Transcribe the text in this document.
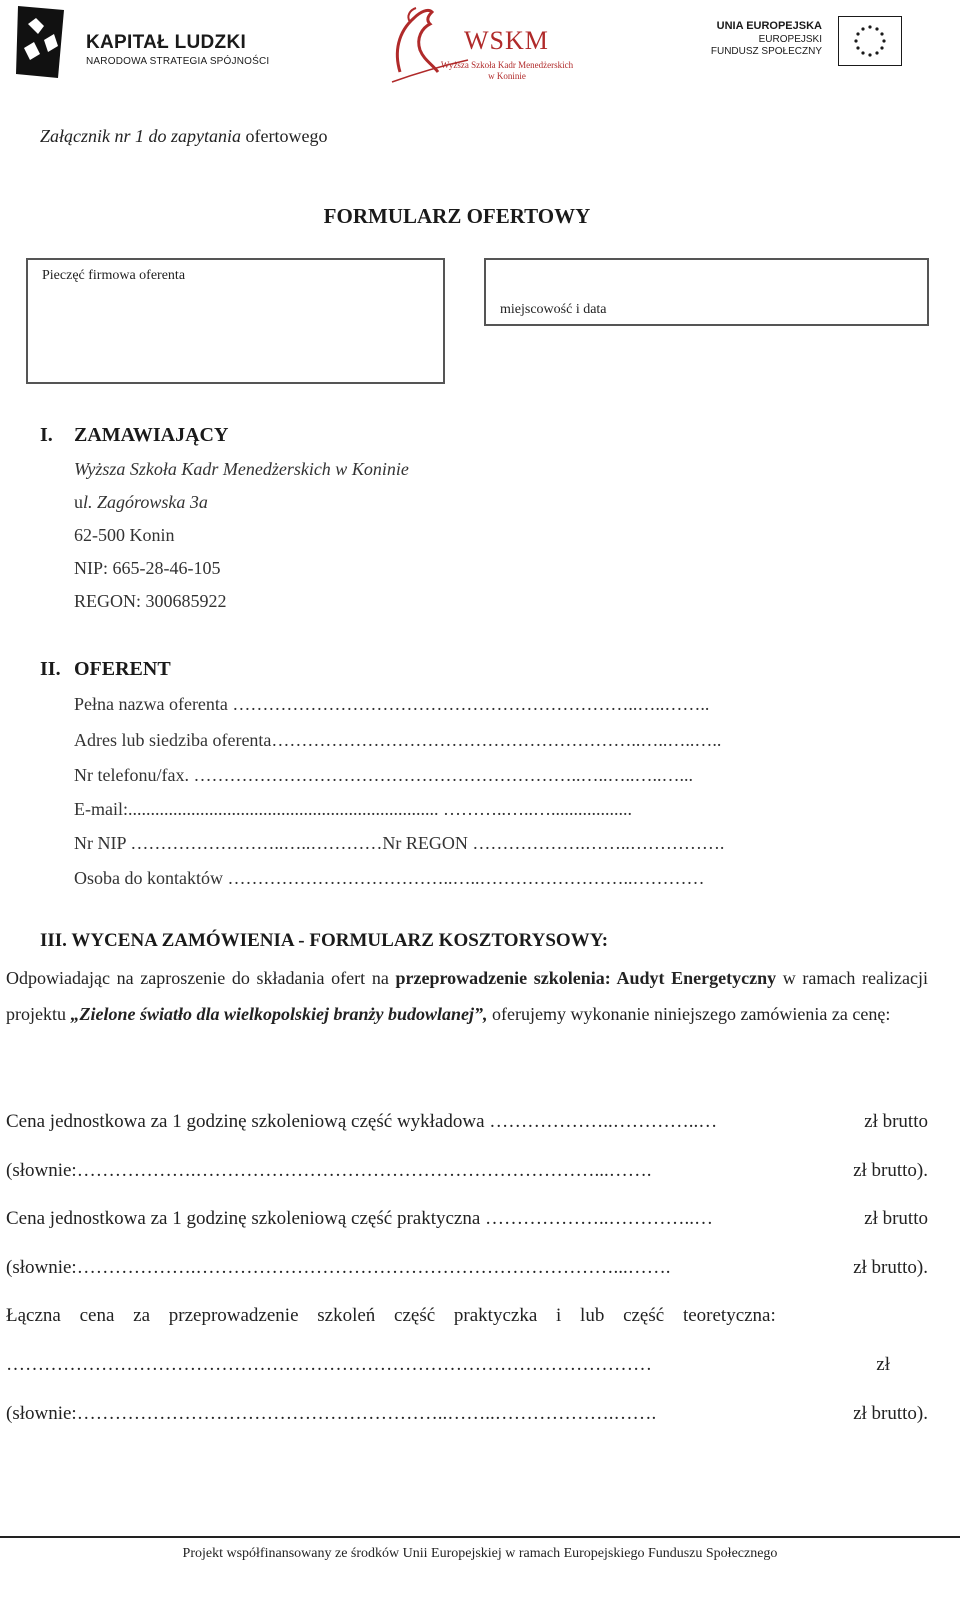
KAPITAŁ LUDZKI
NARODOWA STRATEGIA SPÓJNOŚCI
WSKM
Wyższa Szkoła Kadr Menedżerskich
w Koninie
UNIA EUROPEJSKA
EUROPEJSKI
FUNDUSZ SPOŁECZNY
Załącznik nr 1 do zapytania ofertowego
FORMULARZ OFERTOWY
Pieczęć firmowa oferenta
miejscowość i data
I. ZAMAWIAJĄCY
Wyższa Szkoła Kadr Menedżerskich w Koninie
ul. Zagórowska 3a
62-500 Konin
NIP: 665-28-46-105
REGON: 300685922
II. OFERENT
Pełna nazwa oferenta …………………………………………………………..…..……..
Adres lub siedziba oferenta……………………………………………………..…..…..…..
Nr telefonu/fax. ………………………………………………………..…..…..…..…...
E-mail:..................................................................... ………..…..…..................
Nr NIP ……………………..…..…………Nr REGON ……………….……..…………….
Osoba do kontaktów ………………………………..…..……………………..…………
III. WYCENA ZAMÓWIENIA - FORMULARZ KOSZTORYSOWY:
Odpowiadając na zaproszenie do składania ofert na przeprowadzenie szkolenia: Audyt Energetyczny w ramach realizacji projektu „Zielone światło dla wielkopolskiej branży budowlanej”, oferujemy wykonanie niniejszego zamówienia za cenę:
Cena jednostkowa za 1 godzinę szkoleniową część wykładowa ………………..…………..…	zł brutto
(słownie:……………….………………………………………………………...…….	zł brutto).
Cena jednostkowa za 1 godzinę szkoleniową część praktyczna ………………..…………..…	zł brutto
(słownie:……………….…………………………………………………………...…….	zł brutto).
Łączna cena za przeprowadzenie szkoleń część praktyczka i lub część teoretyczna:
…………………………………………………………………………………………	zł
(słownie:…………………………………………………..……..……………….…….	zł brutto).
Projekt współfinansowany ze środków Unii Europejskiej w ramach Europejskiego Funduszu Społecznego
